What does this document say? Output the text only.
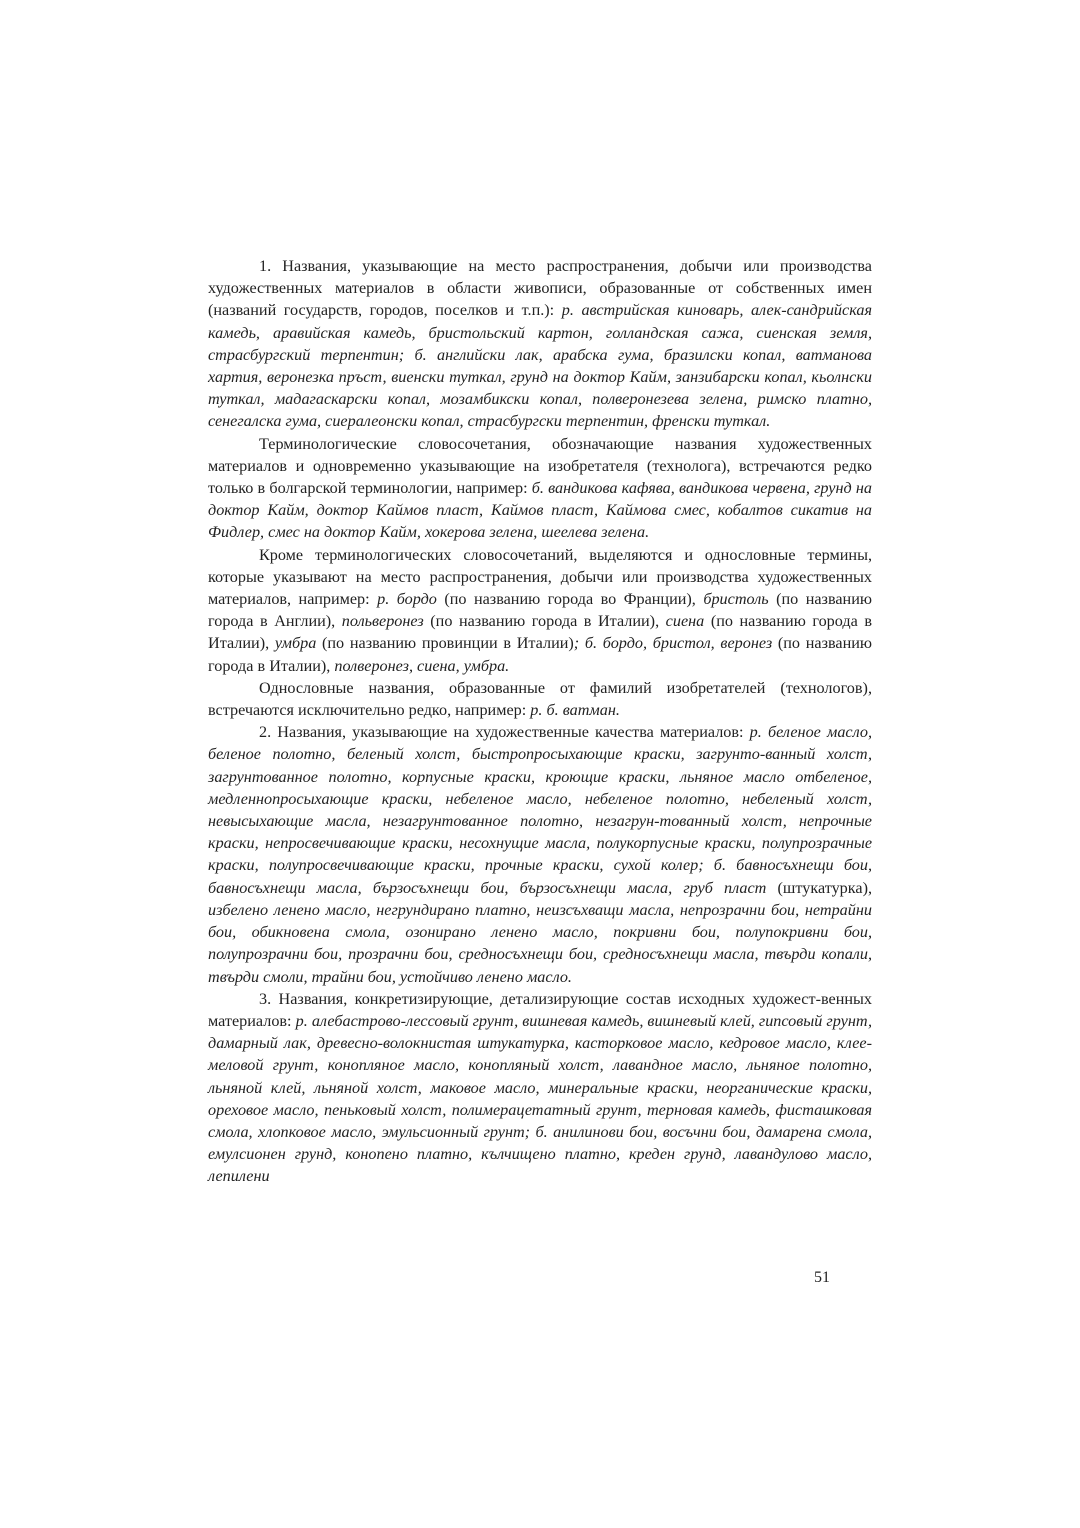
1. Названия, указывающие на место распространения, добычи или производства художественных материалов в области живописи, образованные от собственных имен (названий государств, городов, поселков и т.п.): р. австрийская киноварь, алек-сандрийская камедь, аравийская камедь, бристольский картон, голландская сажа, сиенская земля, страсбургский терпентин; б. английски лак, арабска гума, бразилски копал, ватманова хартия, веронезка пръст, виенски туткал, грунд на доктор Кайм, занзибарски копал, кьолнски туткал, мадагаскарски копал, мозамбикски копал, полверонезева зелена, римско платно, сенегалска гума, сиералеонски копал, страсбургски терпентин, френски туткал.

Терминологические словосочетания, обозначающие названия художественных материалов и одновременно указывающие на изобретателя (технолога), встречаются редко только в болгарской терминологии, например: б. вандикова кафява, вандикова червена, грунд на доктор Кайм, доктор Каймов пласт, Каймов пласт, Каймова смес, кобалтов сикатив на Фидлер, смес на доктор Кайм, хокерова зелена, шеелева зелена.

Кроме терминологических словосочетаний, выделяются и однословные термины, которые указывают на место распространения, добычи или производства художественных материалов, например: р. бордо (по названию города во Франции), бристоль (по названию города в Англии), польверонез (по названию города в Италии), сиена (по названию города в Италии), умбра (по названию провинции в Италии); б. бордо, бристол, веронез (по названию города в Италии), полверонез, сиена, умбра.

Однословные названия, образованные от фамилий изобретателей (технологов), встречаются исключительно редко, например: р. б. ватман.

2. Названия, указывающие на художественные качества материалов: р. беленое масло, беленое полотно, беленый холст, быстропросыхающие краски, загрунто-ванный холст, загрунтованное полотно, корпусные краски, кроющие краски, льняное масло отбеленое, медленнопросыхающие краски, небеленое масло, небеленое полотно, небеленый холст, невысыхающие масла, незагрунтованное полотно, незагрун-тованный холст, непрочные краски, непросвечивающие краски, несохнущие масла, полукорпусные краски, полупрозрачные краски, полупросвечивающие краски, прочные краски, сухой колер; б. бавносъхнещи бои, бавносъхнещи масла, бързосъхнещи бои, бързосъхнещи масла, груб пласт (штукатурка), избелено ленено масло, негрундирано платно, неизсъхващи масла, непрозрачни бои, нетрайни бои, обикновена смола, озонирано ленено масло, покривни бои, полупокривни бои, полупрозрачни бои, прозрачни бои, средносъхнещи бои, средносъхнещи масла, твърди копали, твърди смоли, трайни бои, устойчиво ленено масло.

3. Названия, конкретизирующие, детализирующие состав исходных художест-венных материалов: р. алебастрово-лессовый грунт, вишневая камедь, вишневый клей, гипсовый грунт, дамарный лак, древесно-волокнистая штукатурка, касторковое масло, кедровое масло, клее-меловой грунт, конопляное масло, конопляный холст, лавандное масло, льняное полотно, льняной клей, льняной холст, маковое масло, минеральные краски, неорганические краски, ореховое масло, пеньковый холст, полимерацетатный грунт, терновая камедь, фисташковая смола, хлопковое масло, эмульсионный грунт; б. анилинови бои, восъчни бои, дамарена смола, емулсионен грунд, конопено платно, кълчищено платно, креден грунд, лавандулово масло, лепилени

51
